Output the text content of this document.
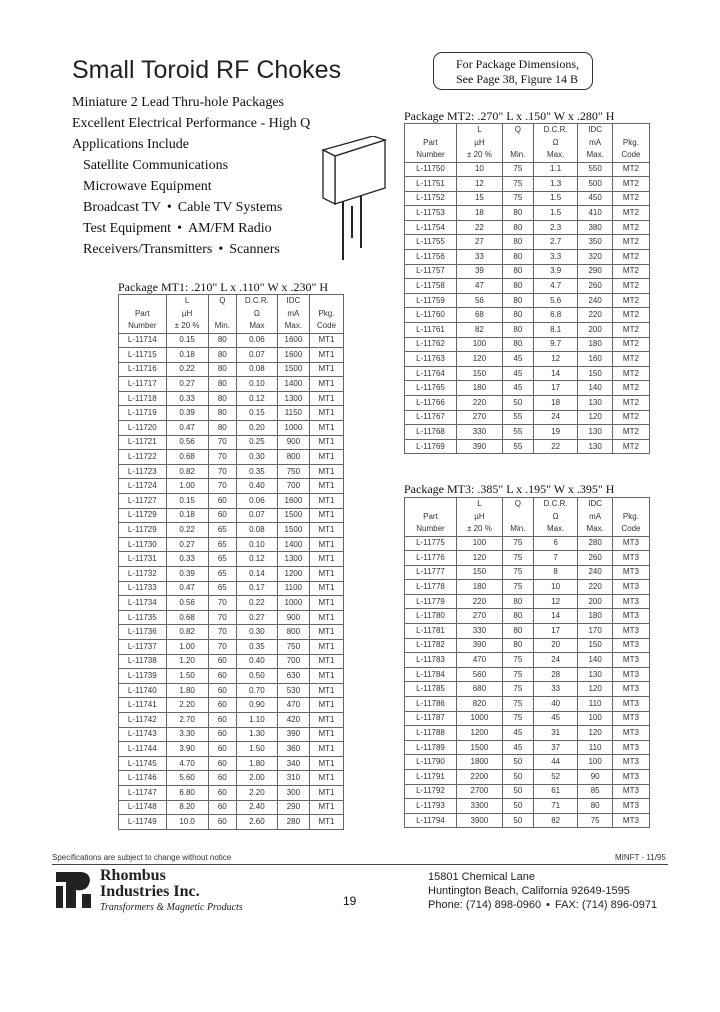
Small Toroid RF Chokes	For Package Dimensions,
See Page 38, Figure 14 B
Miniature 2 Lead Thru-hole Packages
Excellent Electrical Performance - High Q
Applications Include
Satellite Communications
Microwave Equipment
Broadcast TV • Cable TV Systems
Test Equipment • AM/FM Radio
Receivers/Transmitters • Scanners
Package MT1: .210" L x .110" W x .230" H
	L	Q	D.C.R.	IDC	
Part	µH		Ω	mA	Pkg.
Number	± 20 %	Min.	Max	Max.	Code
L-11714	0.15	80	0.06	1600	MT1
L-11715	0.18	80	0.07	1600	MT1
L-11716	0.22	80	0.08	1500	MT1
L-11717	0.27	80	0.10	1400	MT1
L-11718	0.33	80	0.12	1300	MT1
L-11719	0.39	80	0.15	1150	MT1
L-11720	0.47	80	0.20	1000	MT1
L-11721	0.56	70	0.25	900	MT1
L-11722	0.68	70	0.30	800	MT1
L-11723	0.82	70	0.35	750	MT1
L-11724	1.00	70	0.40	700	MT1
L-11727	0.15	60	0.06	1600	MT1
L-11729	0.18	60	0.07	1500	MT1
L-11729	0.22	65	0.08	1500	MT1
L-11730	0.27	65	0.10	1400	MT1
L-11731	0.33	65	0.12	1300	MT1
L-11732	0.39	65	0.14	1200	MT1
L-11733	0.47	65	0.17	1100	MT1
L-11734	0.56	70	0.22	1000	MT1
L-11735	0.68	70	0.27	900	MT1
L-11736	0.82	70	0.30	800	MT1
L-11737	1.00	70	0.35	750	MT1
L-11738	1.20	60	0.40	700	MT1
L-11739	1.50	60	0.50	630	MT1
L-11740	1.80	60	0.70	530	MT1
L-11741	2.20	60	0.90	470	MT1
L-11742	2.70	60	1.10	420	MT1
L-11743	3.30	60	1.30	390	MT1
L-11744	3.90	60	1.50	360	MT1
L-11745	4.70	60	1.80	340	MT1
L-11746	5.60	60	2.00	310	MT1
L-11747	6.80	60	2.20	300	MT1
L-11748	8.20	60	2.40	290	MT1
L-11749	10.0	60	2.60	280	MT1
Package MT2: .270" L x .150" W x .280" H
	L	Q	D.C.R.	IDC	
Part	µH		Ω	mA	Pkg.
Number	± 20 %	Min.	Max.	Max.	Code
L-11750	10	75	1.1	550	MT2
L-11751	12	75	1.3	500	MT2
L-11752	15	75	1.5	450	MT2
L-11753	18	80	1.5	410	MT2
L-11754	22	80	2.3	380	MT2
L-11755	27	80	2.7	350	MT2
L-11756	33	80	3.3	320	MT2
L-11757	39	80	3.9	290	MT2
L-11758	47	80	4.7	260	MT2
L-11759	56	80	5.6	240	MT2
L-11760	68	80	6.8	220	MT2
L-11761	82	80	8.1	200	MT2
L-11762	100	80	9.7	180	MT2
L-11763	120	45	12	160	MT2
L-11764	150	45	14	150	MT2
L-11765	180	45	17	140	MT2
L-11766	220	50	18	130	MT2
L-11767	270	55	24	120	MT2
L-11768	330	55	19	130	MT2
L-11769	390	55	22	130	MT2
Package MT3: .385" L x .195" W x .395" H
	L	Q	D.C.R.	IDC	
Part	µH		Ω	mA	Pkg.
Number	± 20 %	Min.	Max.	Max.	Code
L-11775	100	75	6	280	MT3
L-11776	120	75	7	260	MT3
L-11777	150	75	8	240	MT3
L-11778	180	75	10	220	MT3
L-11779	220	80	12	200	MT3
L-11780	270	80	14	180	MT3
L-11781	330	80	17	170	MT3
L-11782	390	80	20	150	MT3
L-11783	470	75	24	140	MT3
L-11784	560	75	28	130	MT3
L-11785	680	75	33	120	MT3
L-11786	820	75	40	110	MT3
L-11787	1000	75	45	100	MT3
L-11788	1200	45	31	120	MT3
L-11789	1500	45	37	110	MT3
L-11790	1800	50	44	100	MT3
L-11791	2200	50	52	90	MT3
L-11792	2700	50	61	85	MT3
L-11793	3300	50	71	80	MT3
L-11794	3900	50	82	75	MT3
Specifications are subject to change without notice	MINFT - 11/95
Rhombus
Industries Inc.
Transformers & Magnetic Products	19
15801 Chemical Lane
Huntington Beach, California 92649-1595
Phone: (714) 898-0960 • FAX: (714) 896-0971
